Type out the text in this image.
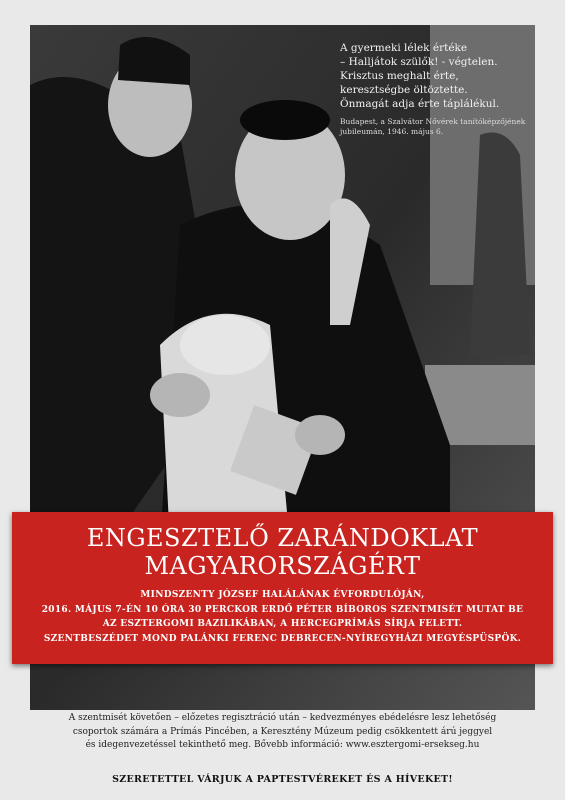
A gyermeki lélek értéke
– Halljátok szülők! - végtelen.
Krisztus meghalt érte,
keresztségbe öltöztette.
Önmagát adja érte táplálékul.
Budapest, a Szalvátor Nővérek tanítóképzőjének jubileumán, 1946. május 6.
ENGESZTELŐ ZARÁNDOKLAT
MAGYARORSZÁGÉRT
MINDSZENTY JÓZSEF HALÁLÁNAK ÉVFORDULÓJÁN,
2016. MÁJUS 7-ÉN 10 ÓRA 30 PERCKOR ERDŐ PÉTER BÍBOROS SZENTMISÉT MUTAT BE
AZ ESZTERGOMI BAZILIKÁBAN, A HERCEGPRÍMÁS SÍRJA FELETT.
SZENTBESZÉDET MOND PALÁNKI FERENC DEBRECEN-NYÍREGYHÁZI MEGYÉSPÜSPÖK.
A szentmisét követően – előzetes regisztráció után – kedvezményes ebédelésre lesz lehetőség
csoportok számára a Prímás Pincében, a Keresztény Múzeum pedig csökkentett árú jeggyel
és idegenvezetéssel tekinthető meg. Bővebb információ: www.esztergomi-ersekseg.hu
SZERETETTEL VÁRJUK A PAPTESTVÉREKET ÉS A HÍVEKET!
